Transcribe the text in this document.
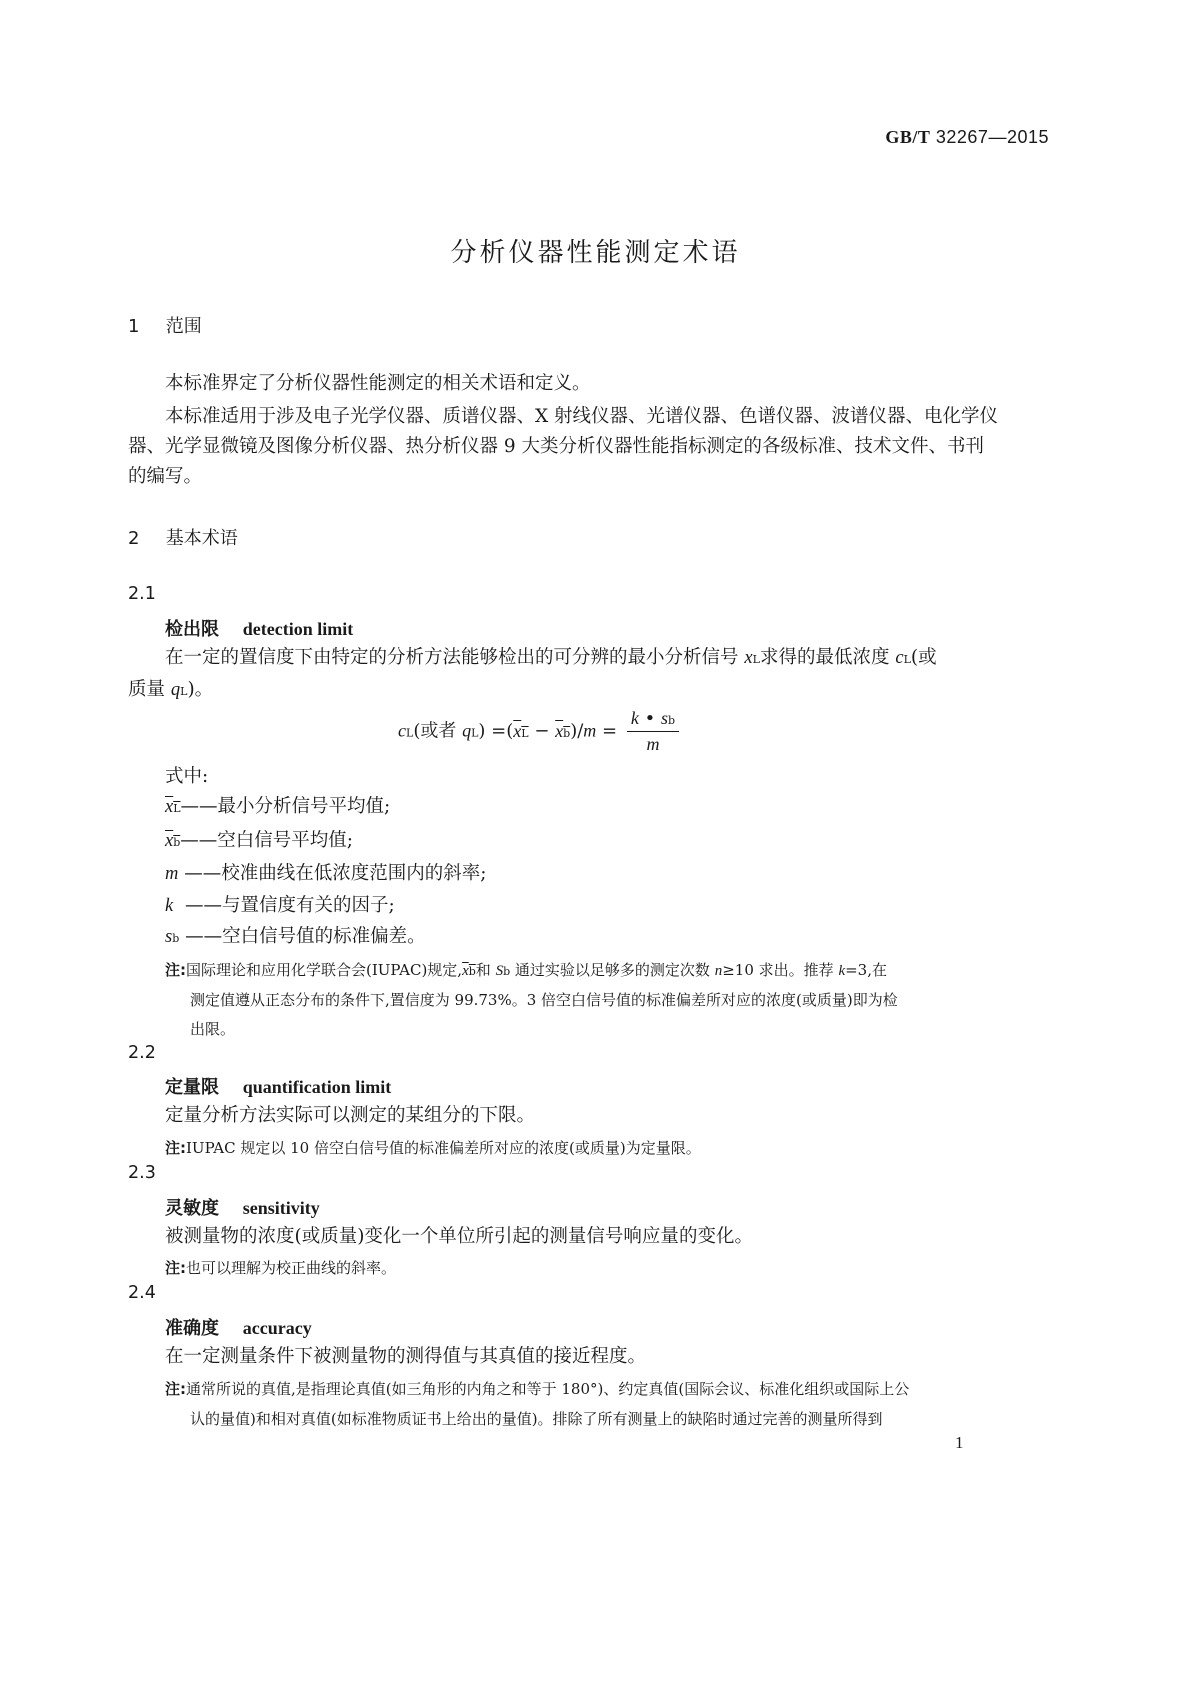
GB/T 32267—2015
分析仪器性能测定术语
1 范围
本标准界定了分析仪器性能测定的相关术语和定义。
本标准适用于涉及电子光学仪器、质谱仪器、X 射线仪器、光谱仪器、色谱仪器、波谱仪器、电化学仪
器、光学显微镜及图像分析仪器、热分析仪器 9 大类分析仪器性能指标测定的各级标准、技术文件、书刊
的编写。
2 基本术语
2.1
检出限 detection limit
在一定的置信度下由特定的分析方法能够检出的可分辨的最小分析信号 xL求得的最低浓度 cL(或
质量 qL)。
cL(或者 $qL) =(xL - xb)/m = \frac{k • sb}{m}$
式中:
xL——最小分析信号平均值;
xb——空白信号平均值;
m ——校准曲线在低浓度范围内的斜率;
k ——与置信度有关的因子;
sb ——空白信号值的标准偏差。
注:国际理论和应用化学联合会(IUPAC)规定,xb和 Sb 通过实验以足够多的测定次数 n≥10 求出。推荐 k=3,在
测定值遵从正态分布的条件下,置信度为 99.73%。3 倍空白信号值的标准偏差所对应的浓度(或质量)即为检
出限。
2.2
定量限 quantification limit
定量分析方法实际可以测定的某组分的下限。
注:IUPAC 规定以 10 倍空白信号值的标准偏差所对应的浓度(或质量)为定量限。
2.3
灵敏度 sensitivity
被测量物的浓度(或质量)变化一个单位所引起的测量信号响应量的变化。
注:也可以理解为校正曲线的斜率。
2.4
准确度 accuracy
在一定测量条件下被测量物的测得值与其真值的接近程度。
注:通常所说的真值,是指理论真值(如三角形的内角之和等于 180°)、约定真值(国际会议、标准化组织或国际上公
认的量值)和相对真值(如标准物质证书上给出的量值)。排除了所有测量上的缺陷时通过完善的测量所得到
1
